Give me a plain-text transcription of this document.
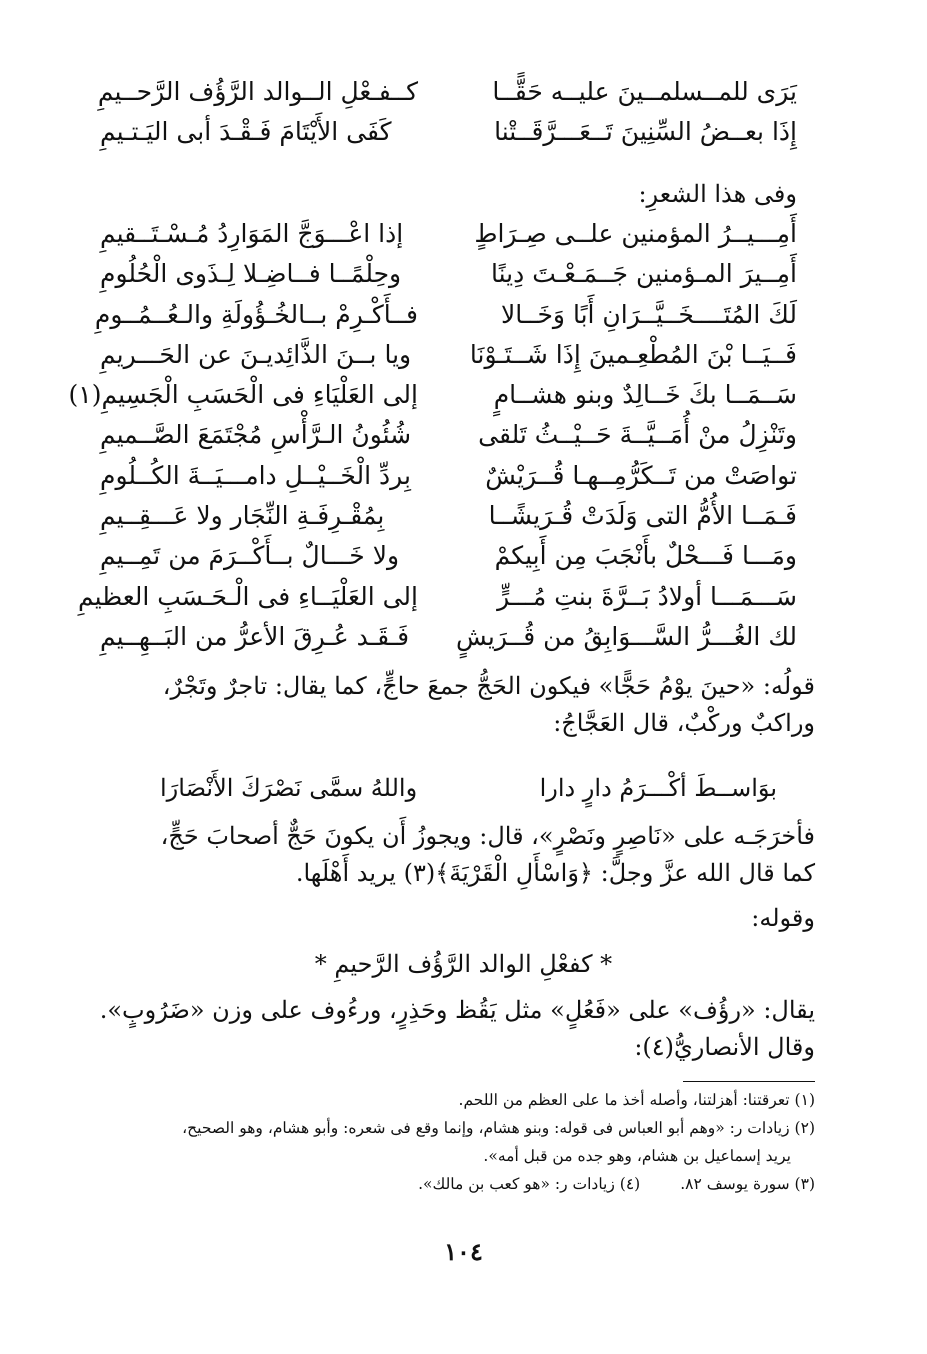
يَرَى للمــسلمــينَ عليــه حَقًّــا
كــفـعْلِ الــوالد الرَّؤُف الرَّحــيمِ
إِذَا بعــضُ السِّنِينَ تَــعَـــرَّقَــتْنا
كَفَى الأَيْتَامَ فَـقْـدَ أبى اليَـتـيمِ
وفى هذا الشعرِ:
أَمِـــيــرُ المؤمنين علــى صِـرَاطٍ
إذا اعْـــوَجَّ المَوَارِدُ مُـسْـتَــقيمِ
أَمِــيرَ المـؤمنين جَــمَـعْـتَ دِينًا
وحِلْمًــا فــاضِـلا لِـذَوى الْحُلُومِ
لَكَ المُتَــــخَــيَّــرَانِ أَبًا وَخَــالا
فــأَكْـرِمْ بــالخُـؤُولَةِ والـعُــمُــومِ
فَــيَــا بْنَ المُطْعِـمينَ إِذَا شَــتَـوْنَا
ويا بــنَ الذَّائِديـنَ عن الحَـــريمِ
سَــمَــا بكَ خَــالِدٌ وبنو هشــامٍ
إلى العَلْيَاءِ فى الْحَسَبِ الْجَسِيمِ(١)
وتَنْزِلُ منْ أُمَــيَّــةَ حَــيْــثُ تَلقى
شُئُونُ الـرَّأْسِ مُجْتَمَعَ الصَّــميمِ
تواصَتْ من تَــكَرُّمِــهـا قُــرَيْشٌ
بِردِّ الْخَــيْــلِ دامـــيَــةَ الكُــلُومِ
فَـمَــا الأُمُّ التى وَلَدَتْ قُـرَيشًــا
بِمُقْـرِفَـةِ النِّجَار ولا عَـــقِــيمِ
ومَـــا فَـــحْلٌ بأَنْجَبَ مِن أَبِيكمْ
ولا خَـــالٌ بــأَكْــرَمَ من تَمِــيمِ
سَـــمَـــا أولادُ بَــرَّةَ بنتِ مُـــرٍّ
إلى العَلْيَــاءِ فى الْـحَـسَبِ العظيمِ
لك الغُـــرُّ السَّـــوَابِقُ من قُــرَيشٍ
فَـقَـد عُـرِقَ الأعرُّ من البَــهِــيمِ

قولُه: «حينَ يوْمُ حَجًّا» فيكون الحَجُّ جمعَ حاجٍّ، كما يقال: تاجرٌ وتَجْرٌ،

وراكبٌ وركْبٌ، قال العَجَّاجُ:

بوَاســطَ أكْـــرَمُ دارٍ دارا
واللهُ سمَّى نَصْرَكَ الأَنْصَارَا

فأخرَجَـه على «نَاصِرٍ ونَصْرٍ»، قال: ويجوزُ أَن يكونَ حَجٌّ أصحابَ حَجٍّ،

كما قال الله عزَّ وجلَّ: ﴿وَاسْأَلِ الْقَرْيَةَ﴾(٣) يريد أَهْلَها.

وقوله:

* كفعْلِ الوالد الرَّؤُف الرَّحيمِ *

يقال: «رؤُف» على «فَعُلٍ» مثل يَقُظ وحَذِرٍ، ورءُوف على وزن «ضَرُوبٍ».

وقال الأنصاريُّ(٤):

(١) تعرقتنا: أهزلتنا، وأصله أخذ ما على العظم من اللحم.

(٢) زيادات ر: «وهم أبو العباس فى قوله: وبنو هشام، وإنما وقع فى شعره: وأبو هشام، وهو الصحيح،

يريد إسماعيل بن هشام، وهو جده من قبل أمه».

(٣) سورة يوسف ٨٢.(٤) زيادات ر: «هو كعب بن مالك».

١٠٤
